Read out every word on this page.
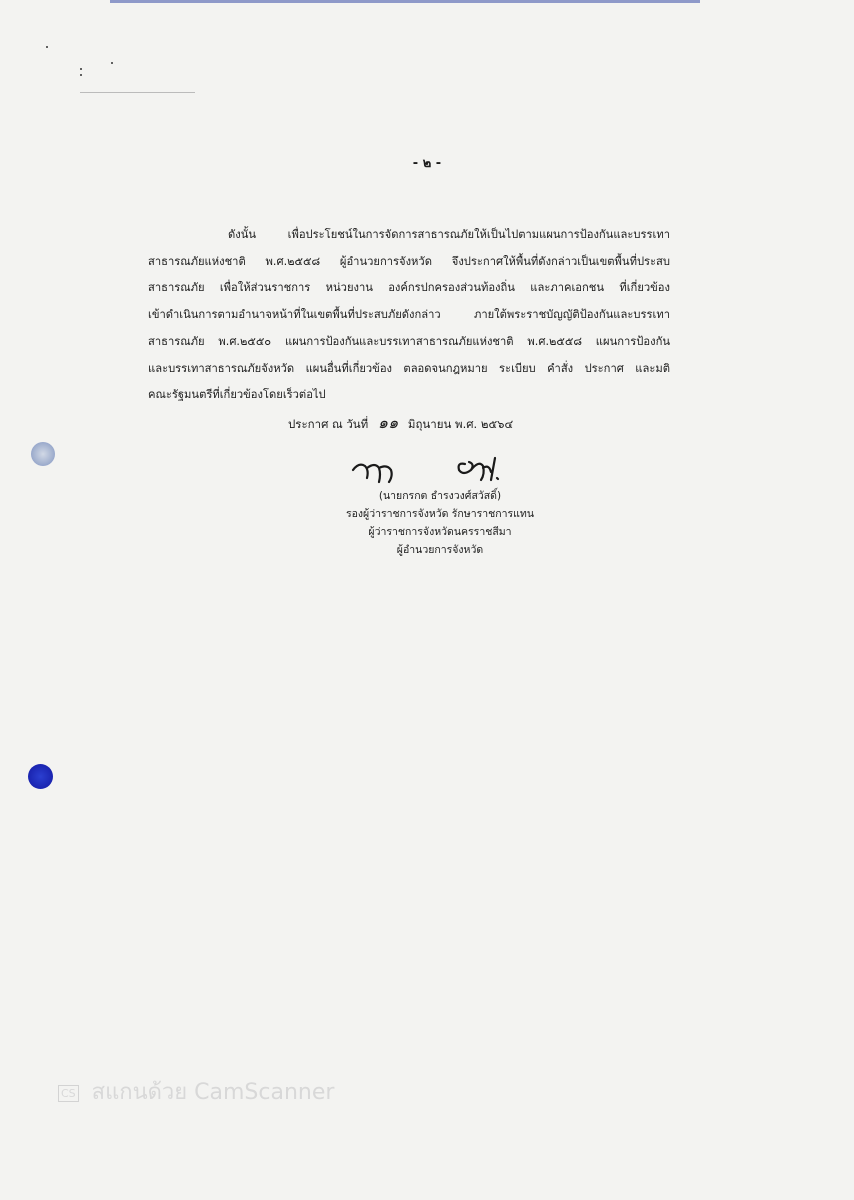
- ๒ -
ดังนั้น เพื่อประโยชน์ในการจัดการสาธารณภัยให้เป็นไปตามแผนการป้องกันและบรรเทา
สาธารณภัยแห่งชาติ พ.ศ.๒๕๕๘ ผู้อำนวยการจังหวัด จึงประกาศให้พื้นที่ดังกล่าวเป็นเขตพื้นที่ประสบ
สาธารณภัย เพื่อให้ส่วนราชการ หน่วยงาน องค์กรปกครองส่วนท้องถิ่น และภาคเอกชน ที่เกี่ยวข้อง
เข้าดำเนินการตามอำนาจหน้าที่ในเขตพื้นที่ประสบภัยดังกล่าว ภายใต้พระราชบัญญัติป้องกันและบรรเทา
สาธารณภัย พ.ศ.๒๕๕๐ แผนการป้องกันและบรรเทาสาธารณภัยแห่งชาติ พ.ศ.๒๕๕๘ แผนการป้องกัน
และบรรเทาสาธารณภัยจังหวัด แผนอื่นที่เกี่ยวข้อง ตลอดจนกฎหมาย ระเบียบ คำสั่ง ประกาศ และมติ
คณะรัฐมนตรีที่เกี่ยวข้องโดยเร็วต่อไป
ประกาศ ณ วันที่ ๑๑ มิถุนายน พ.ศ. ๒๕๖๔
(นายกรกต ธำรงวงศ์สวัสดิ์)
รองผู้ว่าราชการจังหวัด รักษาราชการแทน
ผู้ว่าราชการจังหวัดนครราชสีมา
ผู้อำนวยการจังหวัด
CS สแกนด้วย CamScanner
